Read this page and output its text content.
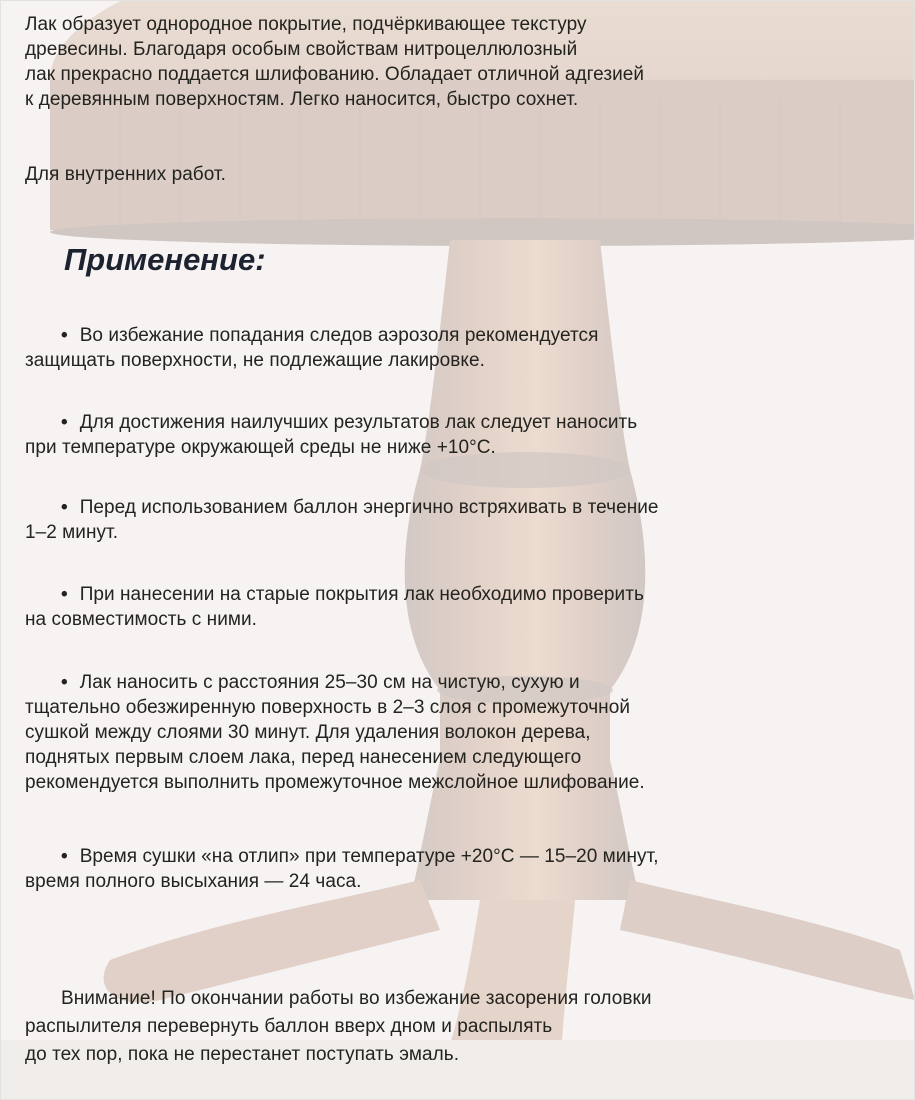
Лак образует однородное покрытие, подчёркивающее текстуру
древесины. Благодаря особым свойствам нитроцеллюлозный
лак прекрасно поддается шлифованию. Обладает отличной адгезией
к деревянным поверхностям. Легко наносится, быстро сохнет.

Для внутренних работ.

Применение:

• Во избежание попадания следов аэрозоля рекомендуется
защищать поверхности, не подлежащие лакировке.

• Для достижения наилучших результатов лак следует наносить
при температуре окружающей среды не ниже +10°С.

• Перед использованием баллон энергично встряхивать в течение
1–2 минут.

• При нанесении на старые покрытия лак необходимо проверить
на совместимость с ними.

• Лак наносить с расстояния 25–30 см на чистую, сухую и
тщательно обезжиренную поверхность в 2–3 слоя с промежуточной
сушкой между слоями 30 минут. Для удаления волокон дерева,
поднятых первым слоем лака, перед нанесением следующего
рекомендуется выполнить промежуточное межслойное шлифование.

• Время сушки «на отлип» при температуре +20°С — 15–20 минут,
время полного высыхания — 24 часа.

Внимание! По окончании работы во избежание засорения головки
распылителя перевернуть баллон вверх дном и распылять
до тех пор, пока не перестанет поступать эмаль.
